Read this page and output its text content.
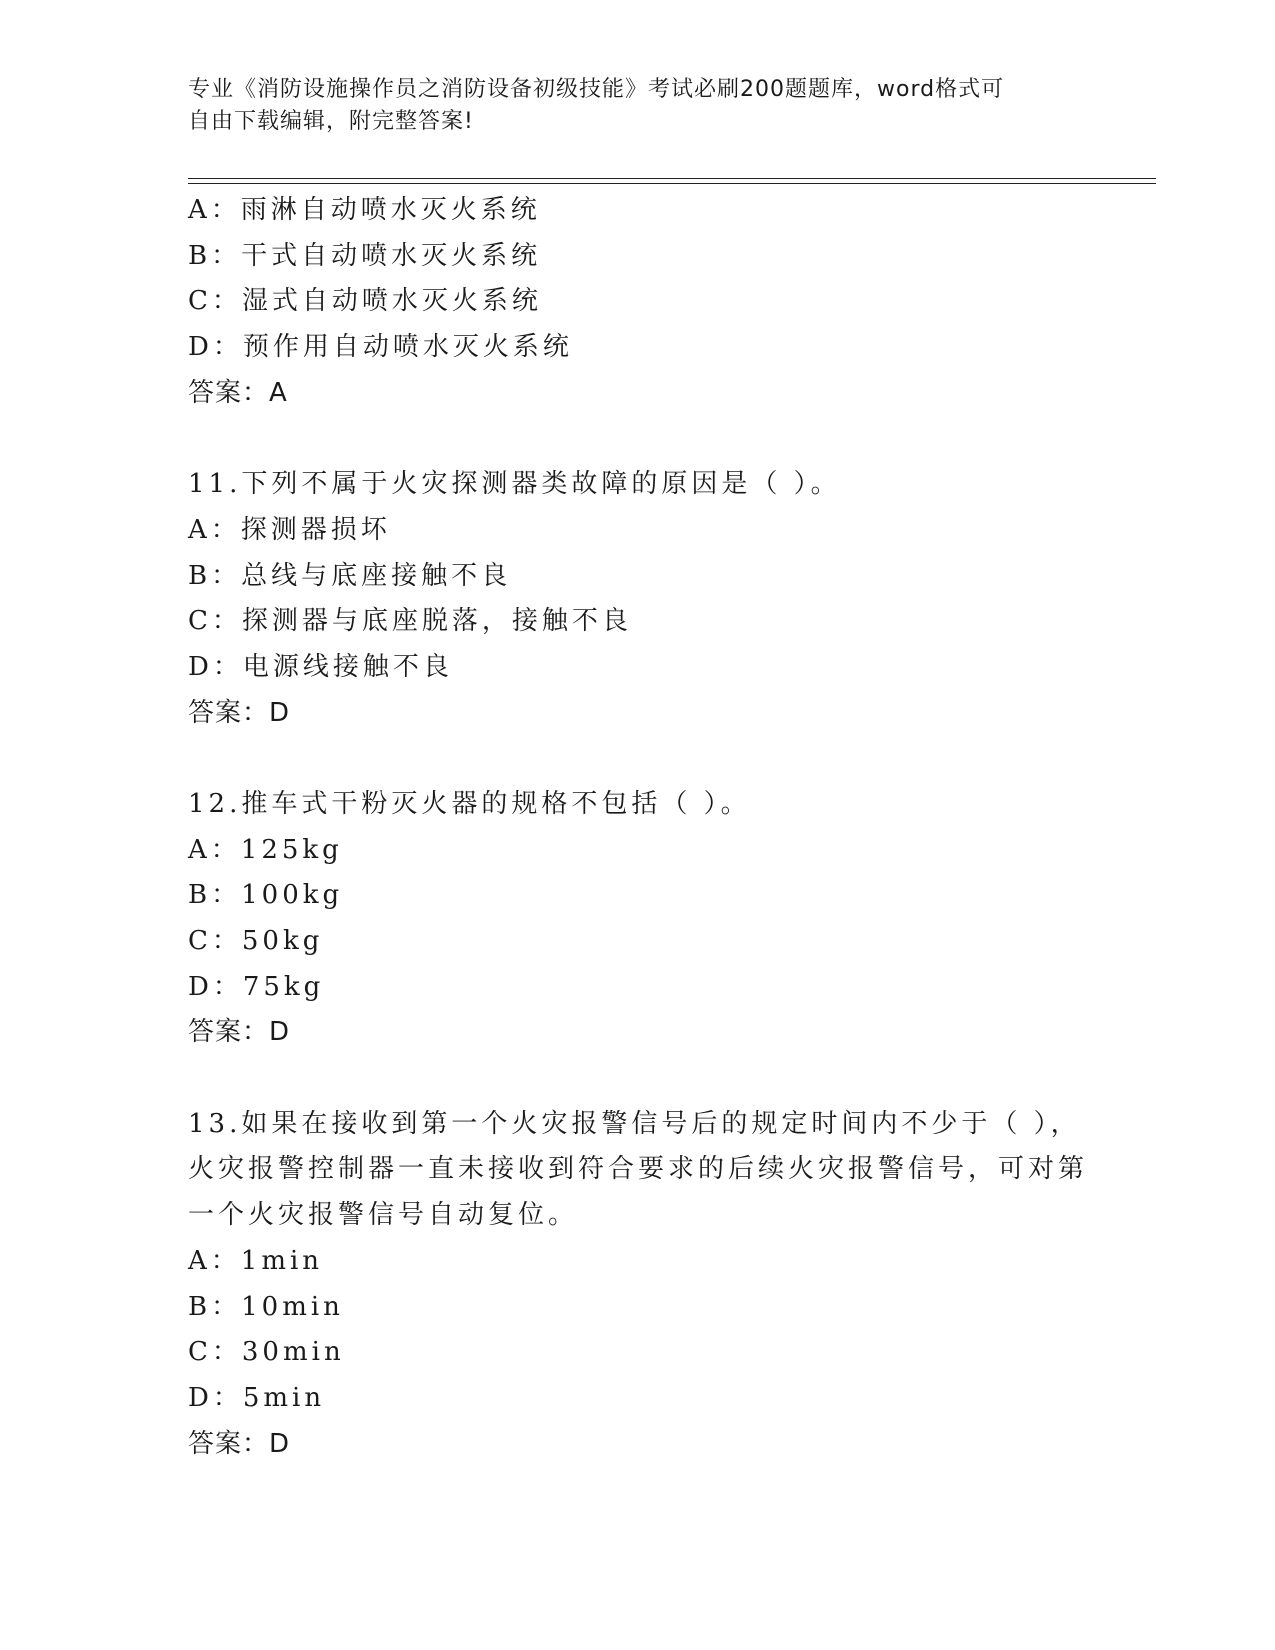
专业《消防设施操作员之消防设备初级技能》考试必刷200题题库，word格式可
自由下载编辑，附完整答案!
A：雨淋自动喷水灭火系统
B：干式自动喷水灭火系统
C：湿式自动喷水灭火系统
D：预作用自动喷水灭火系统
答案：A
11.下列不属于火灾探测器类故障的原因是（ ）。
A：探测器损坏
B：总线与底座接触不良
C：探测器与底座脱落，接触不良
D：电源线接触不良
答案：D
12.推车式干粉灭火器的规格不包括（ ）。
A：125kg
B：100kg
C：50kg
D：75kg
答案：D
13.如果在接收到第一个火灾报警信号后的规定时间内不少于（ ），
火灾报警控制器一直未接收到符合要求的后续火灾报警信号，可对第
一个火灾报警信号自动复位。
A：1min
B：10min
C：30min
D：5min
答案：D
